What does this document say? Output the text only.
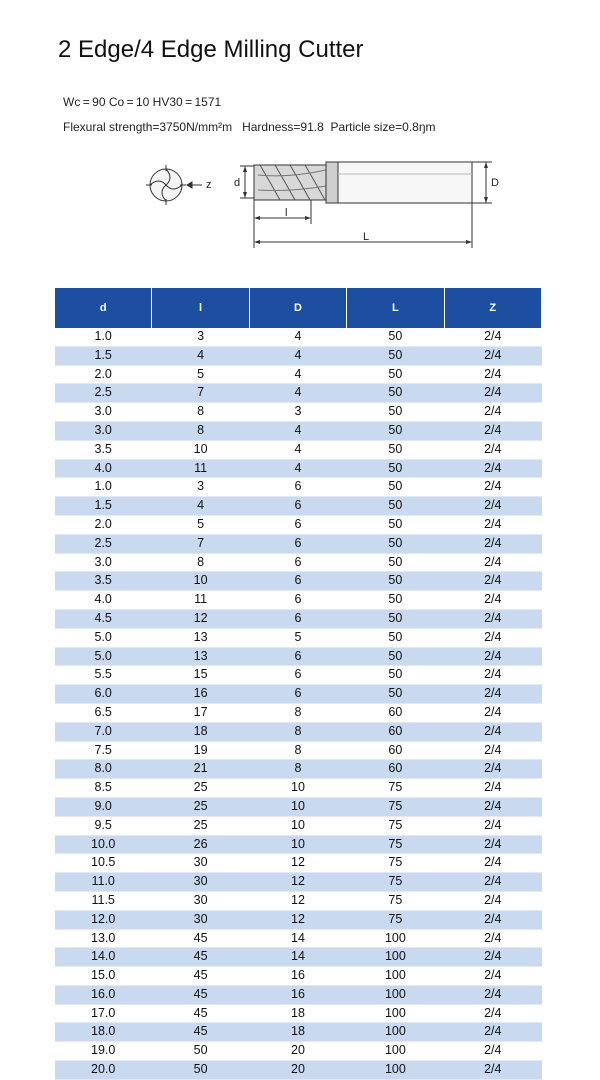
2 Edge/4 Edge Milling Cutter
Wc = 90 Co = 10 HV30 = 1571
Flexural strength=3750N/mm²m   Hardness=91.8  Particle size=0.8ŋm
z d	D
l
L
d	l	D	L	Z
1.0	3	4	50	2/4
1.5	4	4	50	2/4
2.0	5	4	50	2/4
2.5	7	4	50	2/4
3.0	8	3	50	2/4
3.0	8	4	50	2/4
3.5	10	4	50	2/4
4.0	11	4	50	2/4
1.0	3	6	50	2/4
1.5	4	6	50	2/4
2.0	5	6	50	2/4
2.5	7	6	50	2/4
3.0	8	6	50	2/4
3.5	10	6	50	2/4
4.0	11	6	50	2/4
4.5	12	6	50	2/4
5.0	13	5	50	2/4
5.0	13	6	50	2/4
5.5	15	6	50	2/4
6.0	16	6	50	2/4
6.5	17	8	60	2/4
7.0	18	8	60	2/4
7.5	19	8	60	2/4
8.0	21	8	60	2/4
8.5	25	10	75	2/4
9.0	25	10	75	2/4
9.5	25	10	75	2/4
10.0	26	10	75	2/4
10.5	30	12	75	2/4
11.0	30	12	75	2/4
11.5	30	12	75	2/4
12.0	30	12	75	2/4
13.0	45	14	100	2/4
14.0	45	14	100	2/4
15.0	45	16	100	2/4
16.0	45	16	100	2/4
17.0	45	18	100	2/4
18.0	45	18	100	2/4
19.0	50	20	100	2/4
20.0	50	20	100	2/4
